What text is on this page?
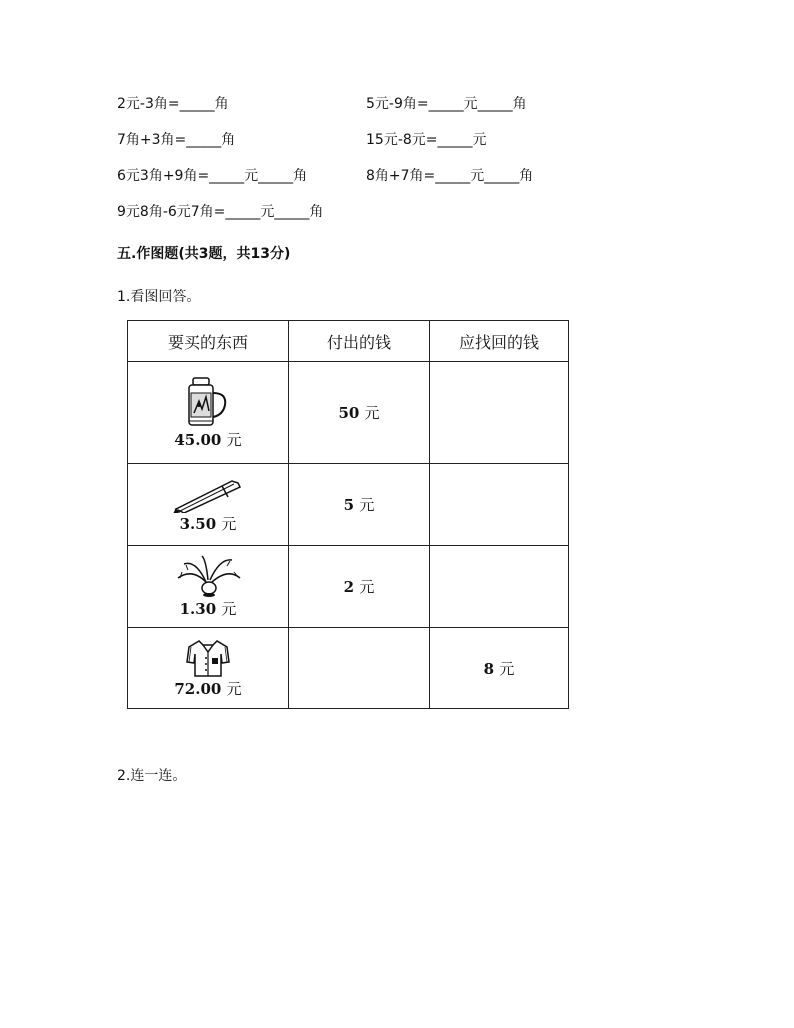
2元-3角=_____角	5元-9角=_____元_____角
7角+3角=_____角	15元-8元=_____元
6元3角+9角=_____元_____角	8角+7角=_____元_____角
9元8角-6元7角=_____元_____角
五.作图题(共3题，共13分)
1.看图回答。
要买的东西	付出的钱	应找回的钱

45.00 元	50 元	

3.50 元	5 元	

1.30 元	2 元	

72.00 元		8 元
2.连一连。
